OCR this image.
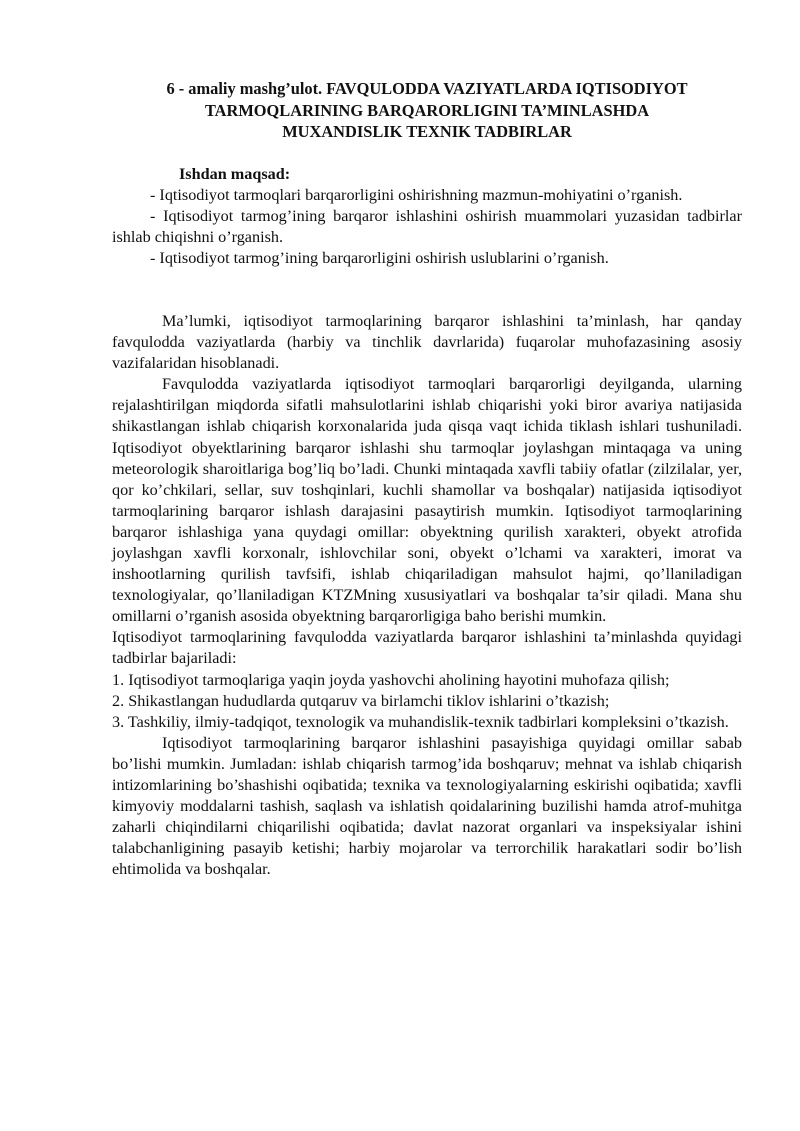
6 - amaliy mashg’ulot. FAVQULODDA VAZIYATLARDA IQTISODIYOT
TARMOQLARINING BARQARORLIGINI TA’MINLASHDA
MUXANDISLIK TEXNIK TADBIRLAR

Ishdan maqsad:

- Iqtisodiyot tarmoqlari barqarorligini oshirishning mazmun-mohiyatini o’rganish.

- Iqtisodiyot tarmog’ining barqaror ishlashini oshirish muammolari yuzasidan tadbirlar ishlab chiqishni o’rganish.

- Iqtisodiyot tarmog’ining barqarorligini oshirish uslublarini o’rganish.

Ma’lumki, iqtisodiyot tarmoqlarining barqaror ishlashini ta’minlash, har qanday favqulodda vaziyatlarda (harbiy va tinchlik davrlarida) fuqarolar muhofazasining asosiy vazifalaridan hisoblanadi.

Favqulodda vaziyatlarda iqtisodiyot tarmoqlari barqarorligi deyilganda, ularning rejalashtirilgan miqdorda sifatli mahsulotlarini ishlab chiqarishi yoki biror avariya natijasida shikastlangan ishlab chiqarish korxonalarida juda qisqa vaqt ichida tiklash ishlari tushuniladi. Iqtisodiyot obyektlarining barqaror ishlashi shu tarmoqlar joylashgan mintaqaga va uning meteorologik sharoitlariga bog’liq bo’ladi. Chunki mintaqada xavfli tabiiy ofatlar (zilzilalar, yer, qor ko’chkilari, sellar, suv toshqinlari, kuchli shamollar va boshqalar) natijasida iqtisodiyot tarmoqlarining barqaror ishlash darajasini pasaytirish mumkin. Iqtisodiyot tarmoqlarining barqaror ishlashiga yana quydagi omillar: obyektning qurilish xarakteri, obyekt atrofida joylashgan xavfli korxonalr, ishlovchilar soni, obyekt o’lchami va xarakteri, imorat va inshootlarning qurilish tavfsifi, ishlab chiqariladigan mahsulot hajmi, qo’llaniladigan texnologiyalar, qo’llaniladigan KTZMning xususiyatlari va boshqalar ta’sir qiladi. Mana shu omillarni o’rganish asosida obyektning barqarorligiga baho berishi mumkin.

Iqtisodiyot tarmoqlarining favqulodda vaziyatlarda barqaror ishlashini ta’minlashda quyidagi tadbirlar bajariladi:

1. Iqtisodiyot tarmoqlariga yaqin joyda yashovchi aholining hayotini muhofaza qilish;

2. Shikastlangan hududlarda qutqaruv va birlamchi tiklov ishlarini o’tkazish;

3. Tashkiliy, ilmiy-tadqiqot, texnologik va muhandislik-texnik tadbirlari kompleksini o’tkazish.

Iqtisodiyot tarmoqlarining barqaror ishlashini pasayishiga quyidagi omillar sabab bo’lishi mumkin. Jumladan: ishlab chiqarish tarmog’ida boshqaruv; mehnat va ishlab chiqarish intizomlarining bo’shashishi oqibatida; texnika va texnologiyalarning eskirishi oqibatida; xavfli kimyoviy moddalarni tashish, saqlash va ishlatish qoidalarining buzilishi hamda atrof-muhitga zaharli chiqindilarni chiqarilishi oqibatida; davlat nazorat organlari va inspeksiyalar ishini talabchanligining pasayib ketishi; harbiy mojarolar va terrorchilik harakatlari sodir bo’lish ehtimolida va boshqalar.
